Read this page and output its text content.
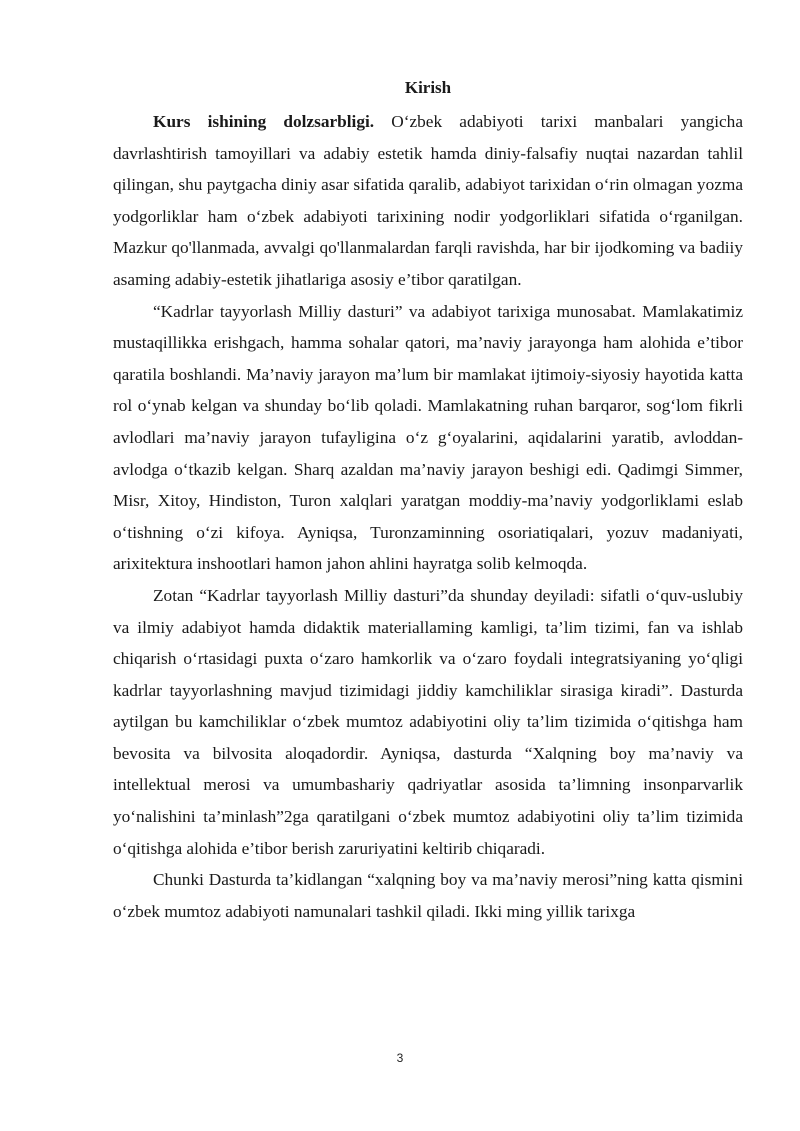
Kirish

Kurs ishining dolzsarbligi. O‘zbek adabiyoti tarixi manbalari yangicha davrlashtirish tamoyillari va adabiy estetik hamda diniy-falsafiy nuqtai nazardan tahlil qilingan, shu paytgacha diniy asar sifatida qaralib, adabiyot tarixidan o‘rin olmagan yozma yodgorliklar ham o‘zbek adabiyoti tarixining nodir yodgorliklari sifatida o‘rganilgan. Mazkur qo'llanmada, avvalgi qo'llanmalardan farqli ravishda, har bir ijodkoming va badiiy asaming adabiy-estetik jihatlariga asosiy e’tibor qaratilgan.

“Kadrlar tayyorlash Milliy dasturi” va adabiyot tarixiga munosabat. Mamlakatimiz mustaqillikka erishgach, hamma sohalar qatori, ma’naviy jarayonga ham alohida e’tibor qaratila boshlandi. Ma’naviy jarayon ma’lum bir mamlakat ijtimoiy-siyosiy hayotida katta rol o‘ynab kelgan va shunday bo‘lib qoladi. Mamlakatning ruhan barqaror, sog‘lom fikrli avlodlari ma’naviy jarayon tufayligina o‘z g‘oyalarini, aqidalarini yaratib, avloddan-avlodga o‘tkazib kelgan. Sharq azaldan ma’naviy jarayon beshigi edi. Qadimgi Simmer, Misr, Xitoy, Hindiston, Turon xalqlari yaratgan moddiy-ma’naviy yodgorliklami eslab o‘tishning o‘zi kifoya. Ayniqsa, Turonzaminning osoriatiqalari, yozuv madaniyati, arixitektura inshootlari hamon jahon ahlini hayratga solib kelmoqda.

Zotan “Kadrlar tayyorlash Milliy dasturi”da shunday deyiladi: sifatli o‘quv-uslubiy va ilmiy adabiyot hamda didaktik materiallaming kamligi, ta’lim tizimi, fan va ishlab chiqarish o‘rtasidagi puxta o‘zaro hamkorlik va o‘zaro foydali integratsiyaning yo‘qligi kadrlar tayyorlashning mavjud tizimidagi jiddiy kamchiliklar sirasiga kiradi”. Dasturda aytilgan bu kamchiliklar o‘zbek mumtoz adabiyotini oliy ta’lim tizimida o‘qitishga ham bevosita va bilvosita aloqadordir. Ayniqsa, dasturda “Xalqning boy ma’naviy va intellektual merosi va umumbashariy qadriyatlar asosida ta’limning insonparvarlik yo‘nalishini ta’minlash”2ga qaratilgani o‘zbek mumtoz adabiyotini oliy ta’lim tizimida o‘qitishga alohida e’tibor berish zaruriyatini keltirib chiqaradi.

Chunki Dasturda ta’kidlangan “xalqning boy va ma’naviy merosi”ning katta qismini o‘zbek mumtoz adabiyoti namunalari tashkil qiladi. Ikki ming yillik tarixga

3
